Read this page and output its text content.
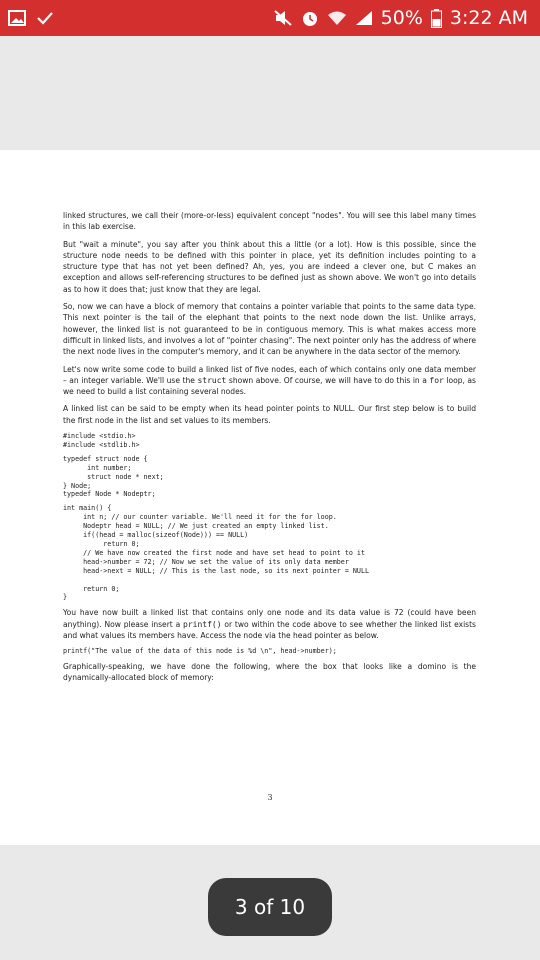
50% 3:22 AM

linked structures, we call their (more-or-less) equivalent concept "nodes". You will see this label many times in this lab exercise.

But "wait a minute", you say after you think about this a little (or a lot). How is this possible, since the structure node needs to be defined with this pointer in place, yet its definition includes pointing to a structure type that has not yet been defined? Ah, yes, you are indeed a clever one, but C makes an exception and allows self-referencing structures to be defined just as shown above. We won't go into details as to how it does that; just know that they are legal.

So, now we can have a block of memory that contains a pointer variable that points to the same data type. This next pointer is the tail of the elephant that points to the next node down the list. Unlike arrays, however, the linked list is not guaranteed to be in contiguous memory. This is what makes access more difficult in linked lists, and involves a lot of "pointer chasing". The next pointer only has the address of where the next node lives in the computer's memory, and it can be anywhere in the data sector of the memory.

Let's now write some code to build a linked list of five nodes, each of which contains only one data member – an integer variable. We'll use the struct shown above. Of course, we will have to do this in a for loop, as we need to build a list containing several nodes.

A linked list can be said to be empty when its head pointer points to NULL. Our first step below is to build the first node in the list and set values to its members.

#include <stdio.h>
#include <stdlib.h>
typedef struct node {
int number;
struct node * next;
} Node;
typedef Node * Nodeptr;
int main() {
int n; // our counter variable. We'll need it for the for loop.
Nodeptr head = NULL; // We just created an empty linked list.
if((head = malloc(sizeof(Node))) == NULL)
return 0;
// We have now created the first node and have set head to point to it
head->number = 72; // Now we set the value of its only data member
head->next = NULL; // This is the last node, so its next pointer = NULL

return 0;
}

You have now built a linked list that contains only one node and its data value is 72 (could have been anything). Now please insert a printf() or two within the code above to see whether the linked list exists and what values its members have. Access the node via the head pointer as below.

printf("The value of the data of this node is %d \n", head->number);

Graphically-speaking, we have done the following, where the box that looks like a domino is the dynamically-allocated block of memory:

3
3 of 10
